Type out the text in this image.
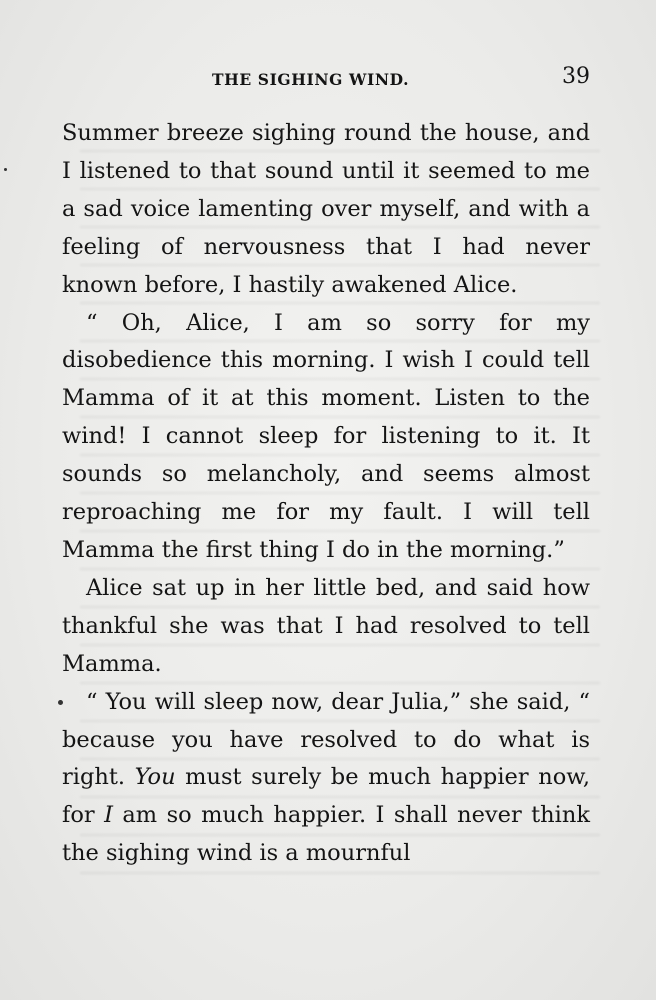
THE SIGHING WIND.	39

Summer breeze sighing round the house, and I listened to that sound until it seemed to me a sad voice lamenting over myself, and with a feeling of nervousness that I had never known before, I hastily awakened Alice.

“ Oh, Alice, I am so sorry for my disobedience this morning. I wish I could tell Mamma of it at this moment. Listen to the wind! I cannot sleep for listening to it. It sounds so melancholy, and seems almost reproaching me for my fault. I will tell Mamma the first thing I do in the morning.”

Alice sat up in her little bed, and said how thankful she was that I had resolved to tell Mamma.

“ You will sleep now, dear Julia,” she said, “ because you have resolved to do what is right. You must surely be much happier now, for I am so much happier. I shall never think the sighing wind is a mournful
